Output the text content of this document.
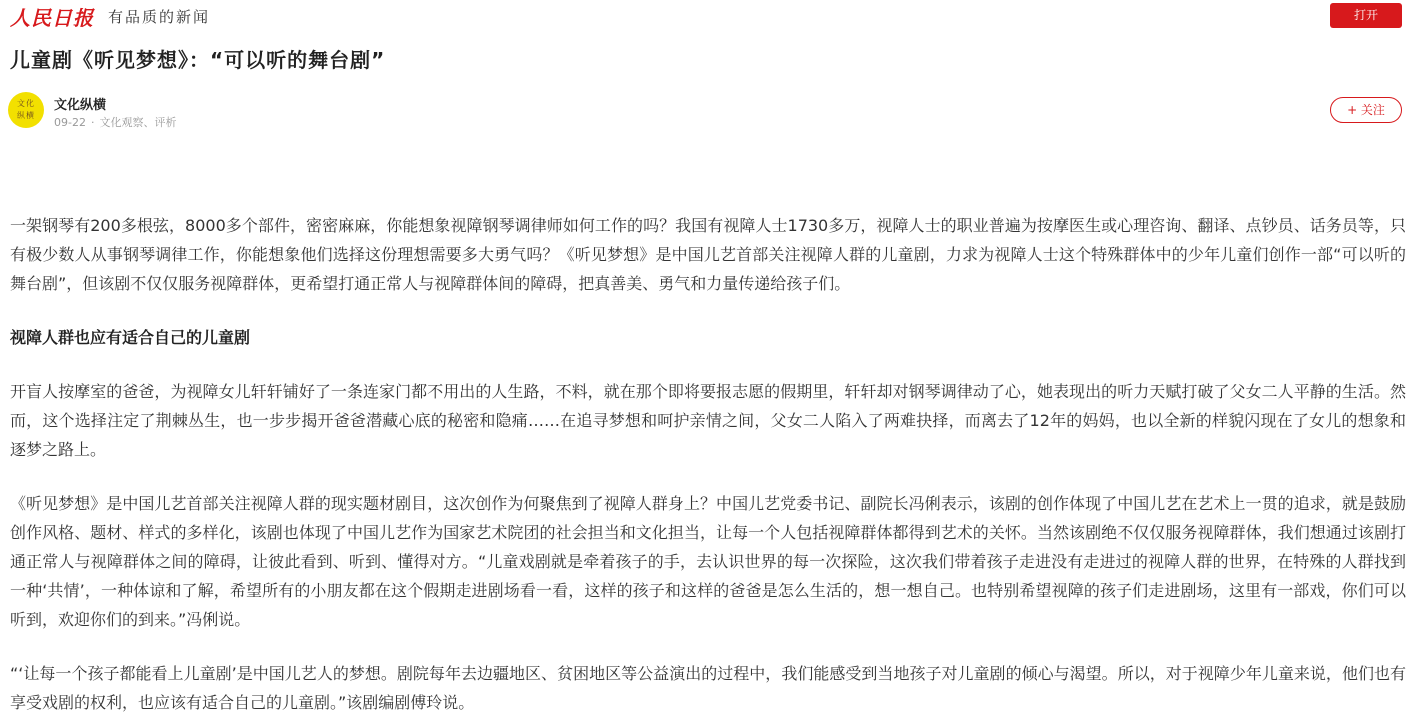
人民日报 有品质的新闻	打开
儿童剧《听见梦想》：“可以听的舞台剧”
文化纵横
文化纵横
09-22 · 文化观察、评析
+ 关注

一架钢琴有200多根弦，8000多个部件，密密麻麻，你能想象视障钢琴调律师如何工作的吗？我国有视障人士1730多万，视障人士的职业普遍为按摩医生或心理咨询、翻译、点钞员、话务员等，只有极少数人从事钢琴调律工作，你能想象他们选择这份理想需要多大勇气吗？《听见梦想》是中国儿艺首部关注视障人群的儿童剧，力求为视障人士这个特殊群体中的少年儿童们创作一部“可以听的舞台剧”，但该剧不仅仅服务视障群体，更希望打通正常人与视障群体间的障碍，把真善美、勇气和力量传递给孩子们。

视障人群也应有适合自己的儿童剧

开盲人按摩室的爸爸，为视障女儿轩轩铺好了一条连家门都不用出的人生路，不料，就在那个即将要报志愿的假期里，轩轩却对钢琴调律动了心，她表现出的听力天赋打破了父女二人平静的生活。然而，这个选择注定了荆棘丛生，也一步步揭开爸爸潜藏心底的秘密和隐痛……在追寻梦想和呵护亲情之间，父女二人陷入了两难抉择，而离去了12年的妈妈，也以全新的样貌闪现在了女儿的想象和逐梦之路上。

《听见梦想》是中国儿艺首部关注视障人群的现实题材剧目，这次创作为何聚焦到了视障人群身上？中国儿艺党委书记、副院长冯俐表示，该剧的创作体现了中国儿艺在艺术上一贯的追求，就是鼓励创作风格、题材、样式的多样化，该剧也体现了中国儿艺作为国家艺术院团的社会担当和文化担当，让每一个人包括视障群体都得到艺术的关怀。当然该剧绝不仅仅服务视障群体，我们想通过该剧打通正常人与视障群体之间的障碍，让彼此看到、听到、懂得对方。“儿童戏剧就是牵着孩子的手，去认识世界的每一次探险，这次我们带着孩子走进没有走进过的视障人群的世界，在特殊的人群找到一种‘共情’，一种体谅和了解，希望所有的小朋友都在这个假期走进剧场看一看，这样的孩子和这样的爸爸是怎么生活的，想一想自己。也特别希望视障的孩子们走进剧场，这里有一部戏，你们可以听到，欢迎你们的到来。”冯俐说。

“‘让每一个孩子都能看上儿童剧’是中国儿艺人的梦想。剧院每年去边疆地区、贫困地区等公益演出的过程中，我们能感受到当地孩子对儿童剧的倾心与渴望。所以，对于视障少年儿童来说，他们也有享受戏剧的权利，也应该有适合自己的儿童剧。”该剧编剧傅玲说。
